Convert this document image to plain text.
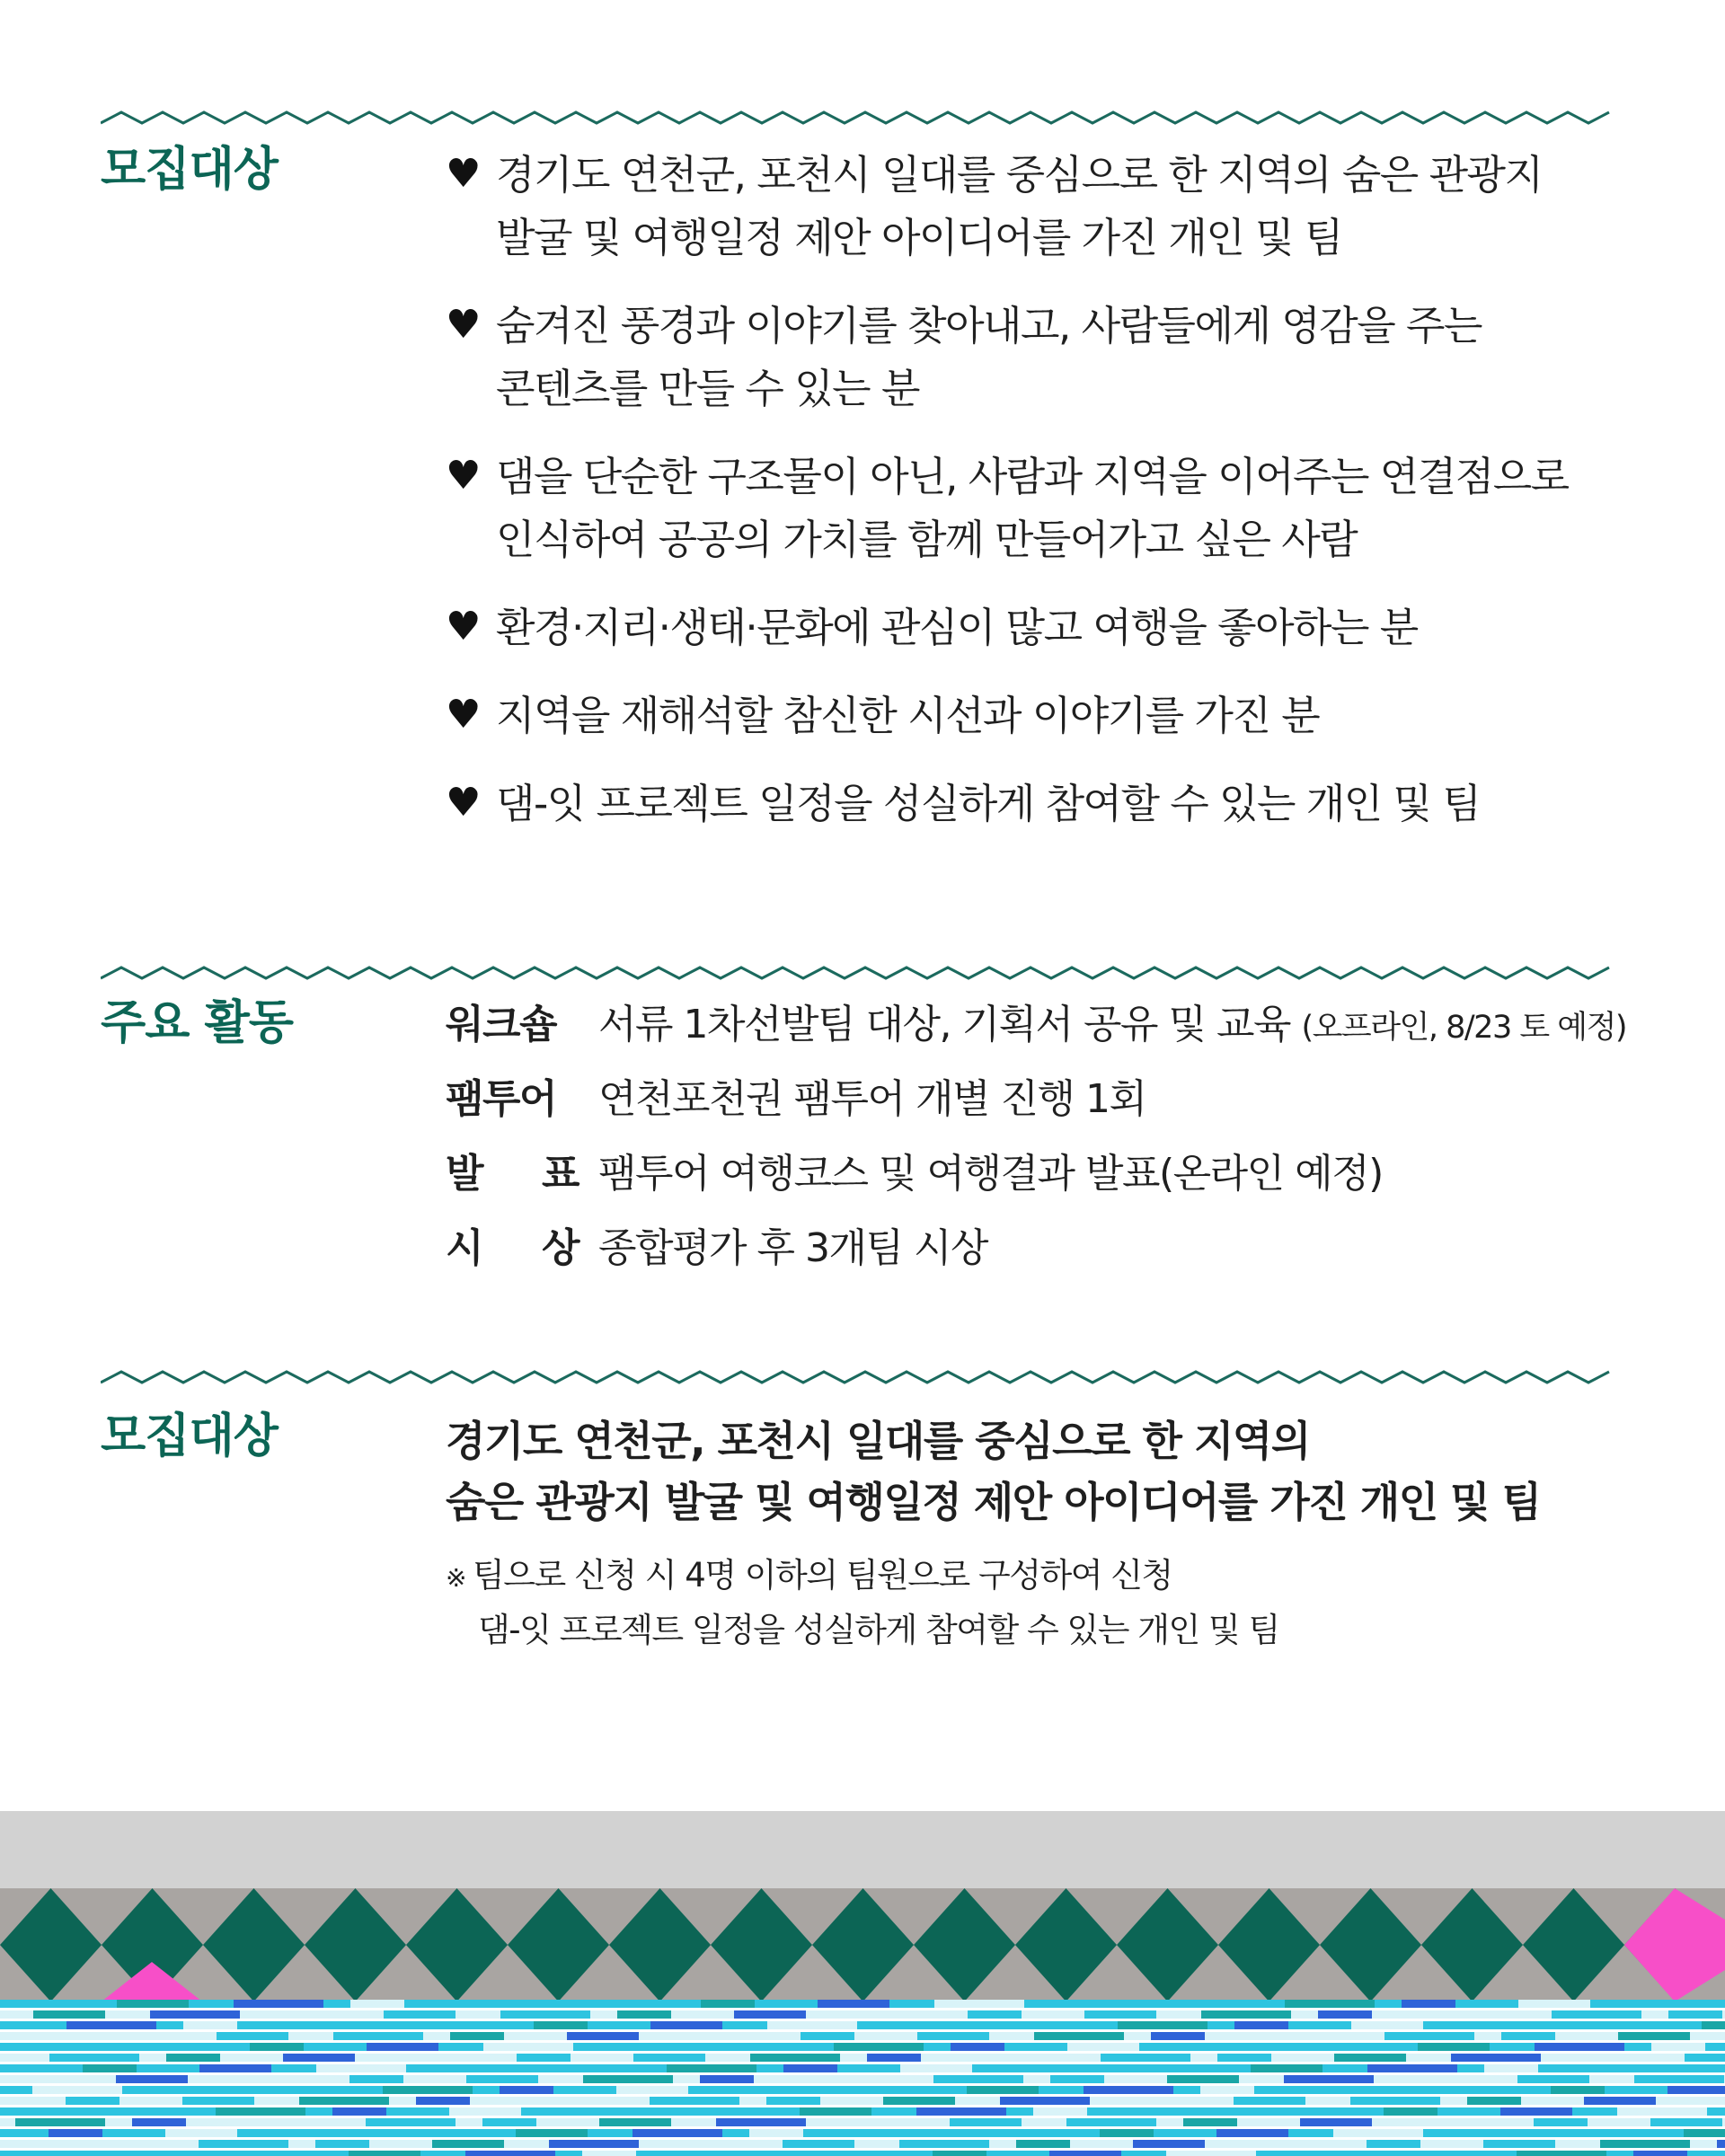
모집대상	♥ 경기도 연천군, 포천시 일대를 중심으로 한 지역의 숨은 관광지
발굴 및 여행일정 제안 아이디어를 가진 개인 및 팀
♥ 숨겨진 풍경과 이야기를 찾아내고, 사람들에게 영감을 주는
콘텐츠를 만들 수 있는 분
♥ 댐을 단순한 구조물이 아닌, 사람과 지역을 이어주는 연결점으로
인식하여 공공의 가치를 함께 만들어가고 싶은 사람
♥ 환경·지리·생태·문화에 관심이 많고 여행을 좋아하는 분
♥ 지역을 재해석할 참신한 시선과 이야기를 가진 분
♥ 댐-잇 프로젝트 일정을 성실하게 참여할 수 있는 개인 및 팀
주요 활동	워크숍 서류 1차선발팀 대상, 기획서 공유 및 교육 (오프라인, 8/23 토 예정)
팸투어 연천포천권 팸투어 개별 진행 1회
발 표 팸투어 여행코스 및 여행결과 발표(온라인 예정)
시 상 종합평가 후 3개팀 시상
모집대상	경기도 연천군, 포천시 일대를 중심으로 한 지역의
숨은 관광지 발굴 및 여행일정 제안 아이디어를 가진 개인 및 팀

※ 팀으로 신청 시 4명 이하의 팀원으로 구성하여 신청
댐-잇 프로젝트 일정을 성실하게 참여할 수 있는 개인 및 팀
